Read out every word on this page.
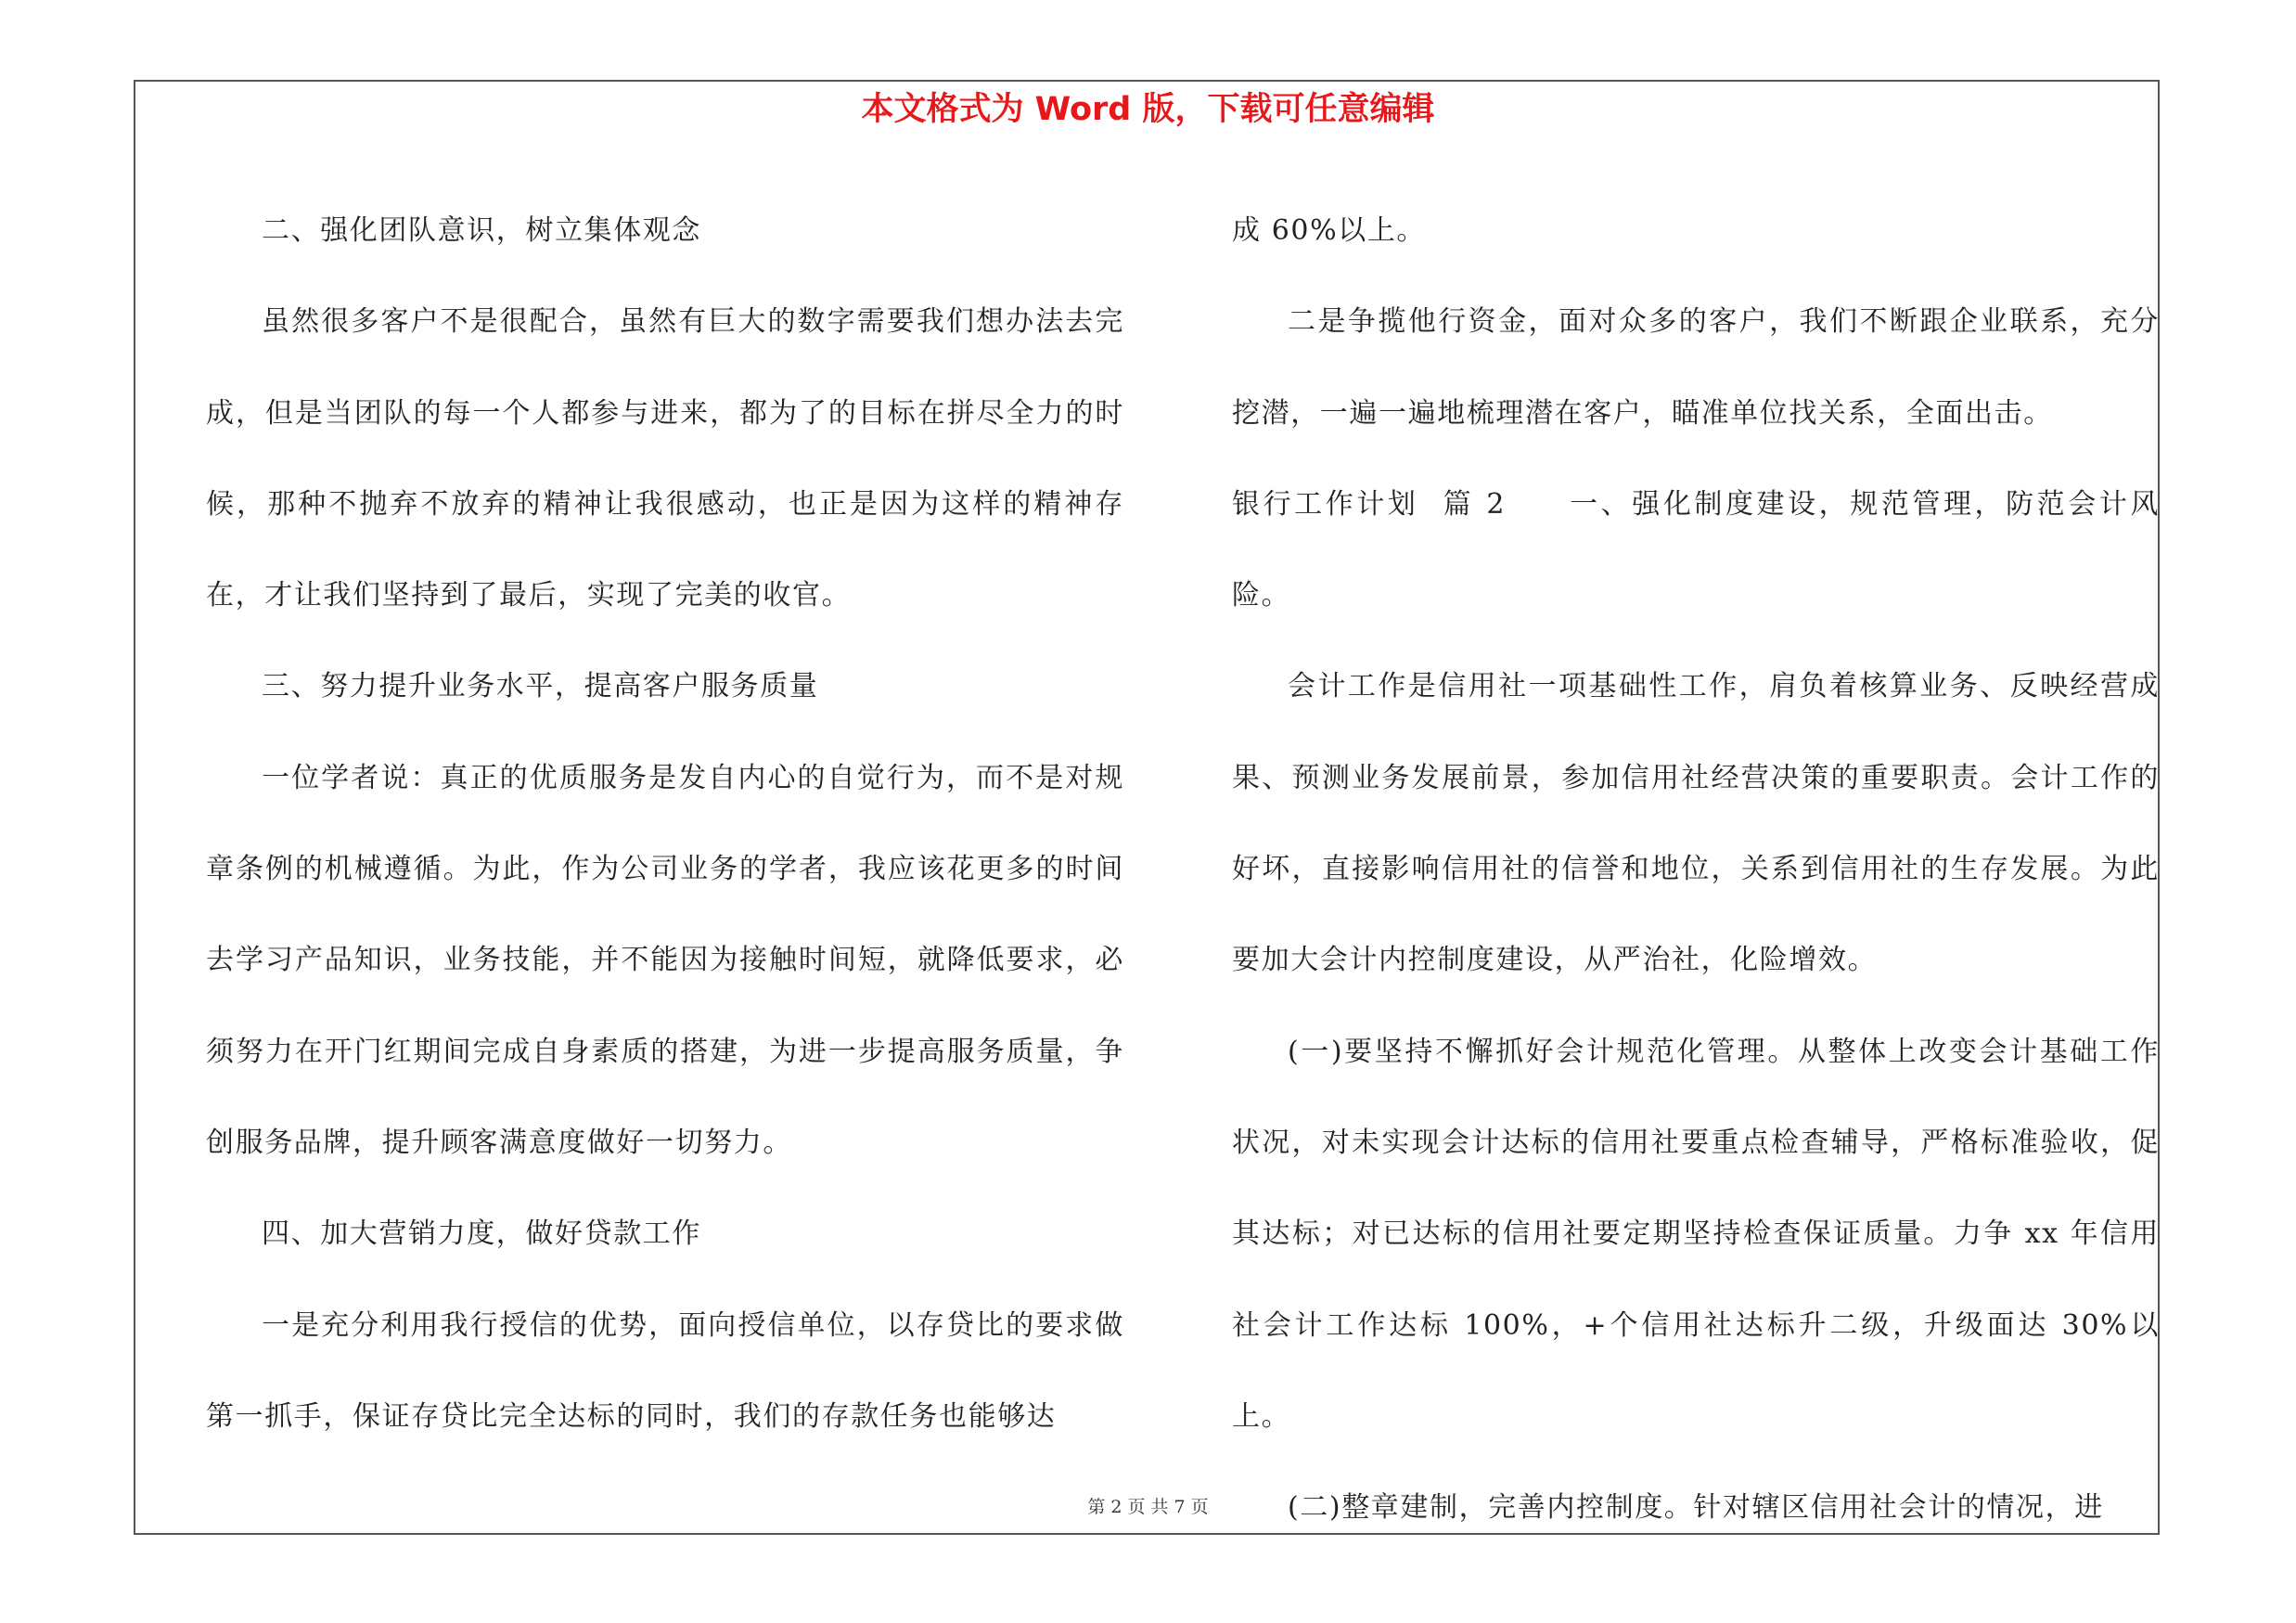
本文格式为 Word 版，下载可任意编辑

二、强化团队意识，树立集体观念

虽然很多客户不是很配合，虽然有巨大的数字需要我们想办法去完成，但是当团队的每一个人都参与进来，都为了的目标在拼尽全力的时候，那种不抛弃不放弃的精神让我很感动，也正是因为这样的精神存在，才让我们坚持到了最后，实现了完美的收官。

三、努力提升业务水平，提高客户服务质量

一位学者说：真正的优质服务是发自内心的自觉行为，而不是对规章条例的机械遵循。为此，作为公司业务的学者，我应该花更多的时间去学习产品知识，业务技能，并不能因为接触时间短，就降低要求，必须努力在开门红期间完成自身素质的搭建，为进一步提高服务质量，争创服务品牌，提升顾客满意度做好一切努力。

四、加大营销力度，做好贷款工作

一是充分利用我行授信的优势，面向授信单位，以存贷比的要求做第一抓手，保证存贷比完全达标的同时，我们的存款任务也能够达

成 60%以上。

二是争揽他行资金，面对众多的客户，我们不断跟企业联系，充分挖潜，一遍一遍地梳理潜在客户，瞄准单位找关系，全面出击。

银行工作计划  篇 2　　一、强化制度建设，规范管理，防范会计风险。

会计工作是信用社一项基础性工作，肩负着核算业务、反映经营成果、预测业务发展前景，参加信用社经营决策的重要职责。会计工作的好坏，直接影响信用社的信誉和地位，关系到信用社的生存发展。为此要加大会计内控制度建设，从严治社，化险增效。

(一)要坚持不懈抓好会计规范化管理。从整体上改变会计基础工作状况，对未实现会计达标的信用社要重点检查辅导，严格标准验收，促其达标；对已达标的信用社要定期坚持检查保证质量。力争 xx 年信用社会计工作达标 100%，+个信用社达标升二级，升级面达 30%以上。

(二)整章建制，完善内控制度。针对辖区信用社会计的情况，进

第 2 页 共 7 页
